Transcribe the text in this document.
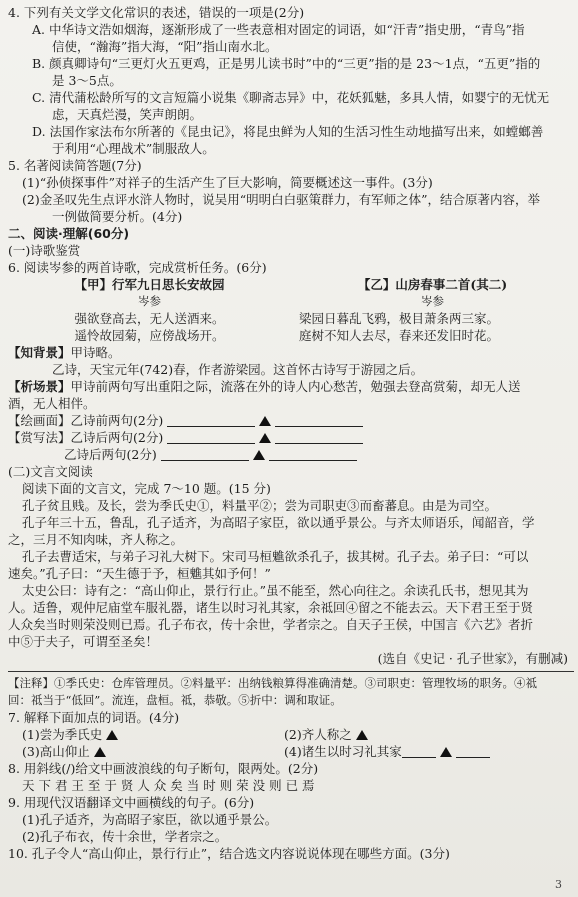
4. 下列有关文学文化常识的表述，错误的一项是(2分)
A. 中华诗文浩如烟海，逐渐形成了一些表意相对固定的词语，如“汗青”指史册，“青鸟”指
信使，“瀚海”指大海，“阳”指山南水北。
B. 颜真卿诗句“三更灯火五更鸡，正是男儿读书时”中的“三更”指的是 23～1点，“五更”指的
是 3～5点。
C. 清代蒲松龄所写的文言短篇小说集《聊斋志异》中，花妖狐魅，多具人情，如婴宁的无忧无
虑，天真烂漫，笑声朗朗。
D. 法国作家法布尔所著的《昆虫记》，将昆虫鲜为人知的生活习性生动地描写出来，如螳螂善
于利用“心理战术”制服敌人。
5. 名著阅读简答题(7分)
(1)“孙侦探事件”对祥子的生活产生了巨大影响，简要概述这一事件。(3分)
(2)金圣叹先生点评水浒人物时，说吴用“明明白白驱策群力，有军师之体”，结合原著内容，举
一例做简要分析。(4分)
二、阅读·理解(60分)
(一)诗歌鉴赏
6. 阅读岑参的两首诗歌，完成赏析任务。(6分)
【甲】行军九日思长安故园
岑参
强欲登高去，无人送酒来。
遥怜故园菊，应傍战场开。
【乙】山房春事二首(其二)
岑参
梁园日暮乱飞鸦，极目萧条两三家。
庭树不知人去尽，春来还发旧时花。
【知背景】甲诗略。
乙诗，天宝元年(742)春，作者游梁园。这首怀古诗写于游园之后。
【析场景】甲诗前两句写出重阳之际，流落在外的诗人内心愁苦，勉强去登高赏菊，却无人送
酒，无人相伴。
【绘画面】乙诗前两句(2分)
【赏写法】乙诗后两句(2分)
乙诗后两句(2分)
(二)文言文阅读
阅读下面的文言文，完成 7～10 题。(15 分)
孔子贫且贱。及长，尝为季氏史①，料量平②；尝为司职吏③而畜蕃息。由是为司空。
孔子年三十五，鲁乱，孔子适齐，为高昭子家臣，欲以通乎景公。与齐太师语乐，闻韶音，学
之，三月不知肉味，齐人称之。
孔子去曹适宋，与弟子习礼大树下。宋司马桓魋欲杀孔子，拔其树。孔子去。弟子曰：“可以
速矣。”孔子曰：“天生德于予，桓魋其如予何！”
太史公曰：诗有之：“高山仰止，景行行止。”虽不能至，然心向往之。余读孔氏书，想见其为
人。适鲁，观仲尼庙堂车服礼器，诸生以时习礼其家，余祗回④留之不能去云。天下君王至于贤
人众矣当时则荣没则已焉。孔子布衣，传十余世，学者宗之。自天子王侯，中国言《六艺》者折
中⑤于夫子，可谓至圣矣！
(选自《史记 · 孔子世家》，有删减)
【注释】①季氏史：仓库管理员。②料量平：出纳钱粮算得准确清楚。③司职吏：管理牧场的职务。④祗
回：祗当于“低回”。流连，盘桓。祗，恭敬。⑤折中：调和取证。
7. 解释下面加点的词语。(4分)
(1)尝为季氏史	(2)齐人称之
(3)高山仰止	(4)诸生以时习礼其家
8. 用斜线(/)给文中画波浪线的句子断句，限两处。(2分)
天 下 君 王 至 于 贤 人 众 矣 当 时 则 荣 没 则 已 焉
9. 用现代汉语翻译文中画横线的句子。(6分)
(1)孔子适齐，为高昭子家臣，欲以通乎景公。
(2)孔子布衣，传十余世，学者宗之。
10. 孔子令人“高山仰止，景行行止”，结合选文内容说说体现在哪些方面。(3分)
3
